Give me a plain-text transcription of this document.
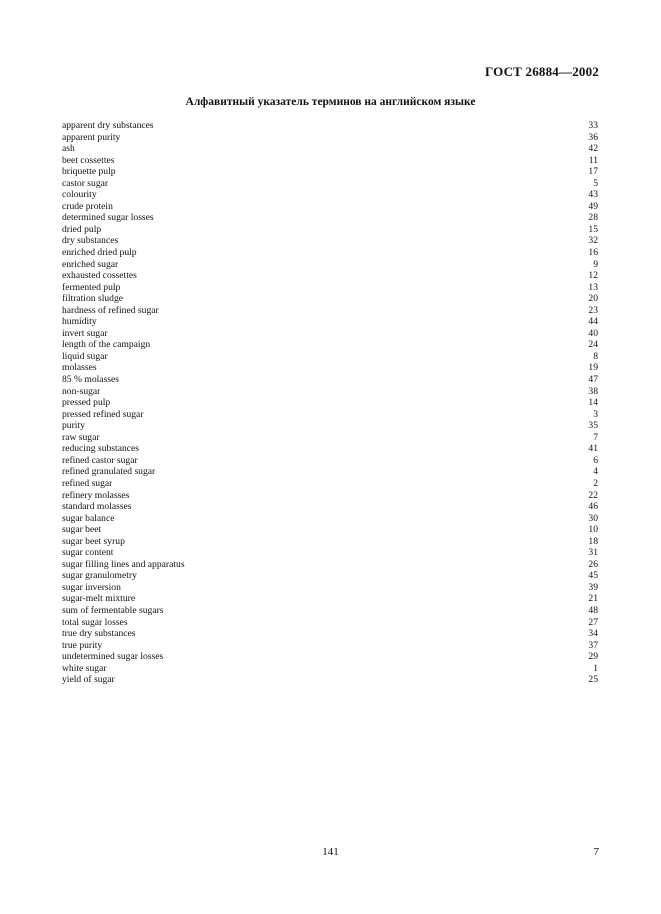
ГОСТ 26884—2002
Алфавитный указатель терминов на английском языке
apparent dry substances	33
apparent purity	36
ash	42
beet cossettes	11
briquette pulp	17
castor sugar	5
colourity	43
crude protein	49
determined sugar losses	28
dried pulp	15
dry substances	32
enriched dried pulp	16
enriched sugar	9
exhausted cossettes	12
fermented pulp	13
filtration sludge	20
hardness of refined sugar	23
humidity	44
invert sugar	40
length of the campaign	24
liquid sugar	8
molasses	19
85 % molasses	47
non-sugar	38
pressed pulp	14
pressed refined sugar	3
purity	35
raw sugar	7
reducing substances	41
refined castor sugar	6
refined granulated sugar	4
refined sugar	2
refinery molasses	22
standard molasses	46
sugar balance	30
sugar beet	10
sugar beet syrup	18
sugar content	31
sugar filling lines and apparatus	26
sugar granulometry	45
sugar inversion	39
sugar-melt mixture	21
sum of fermentable sugars	48
total sugar losses	27
true dry substances	34
true purity	37
undetermined sugar losses	29
white sugar	1
yield of sugar	25
141	7
